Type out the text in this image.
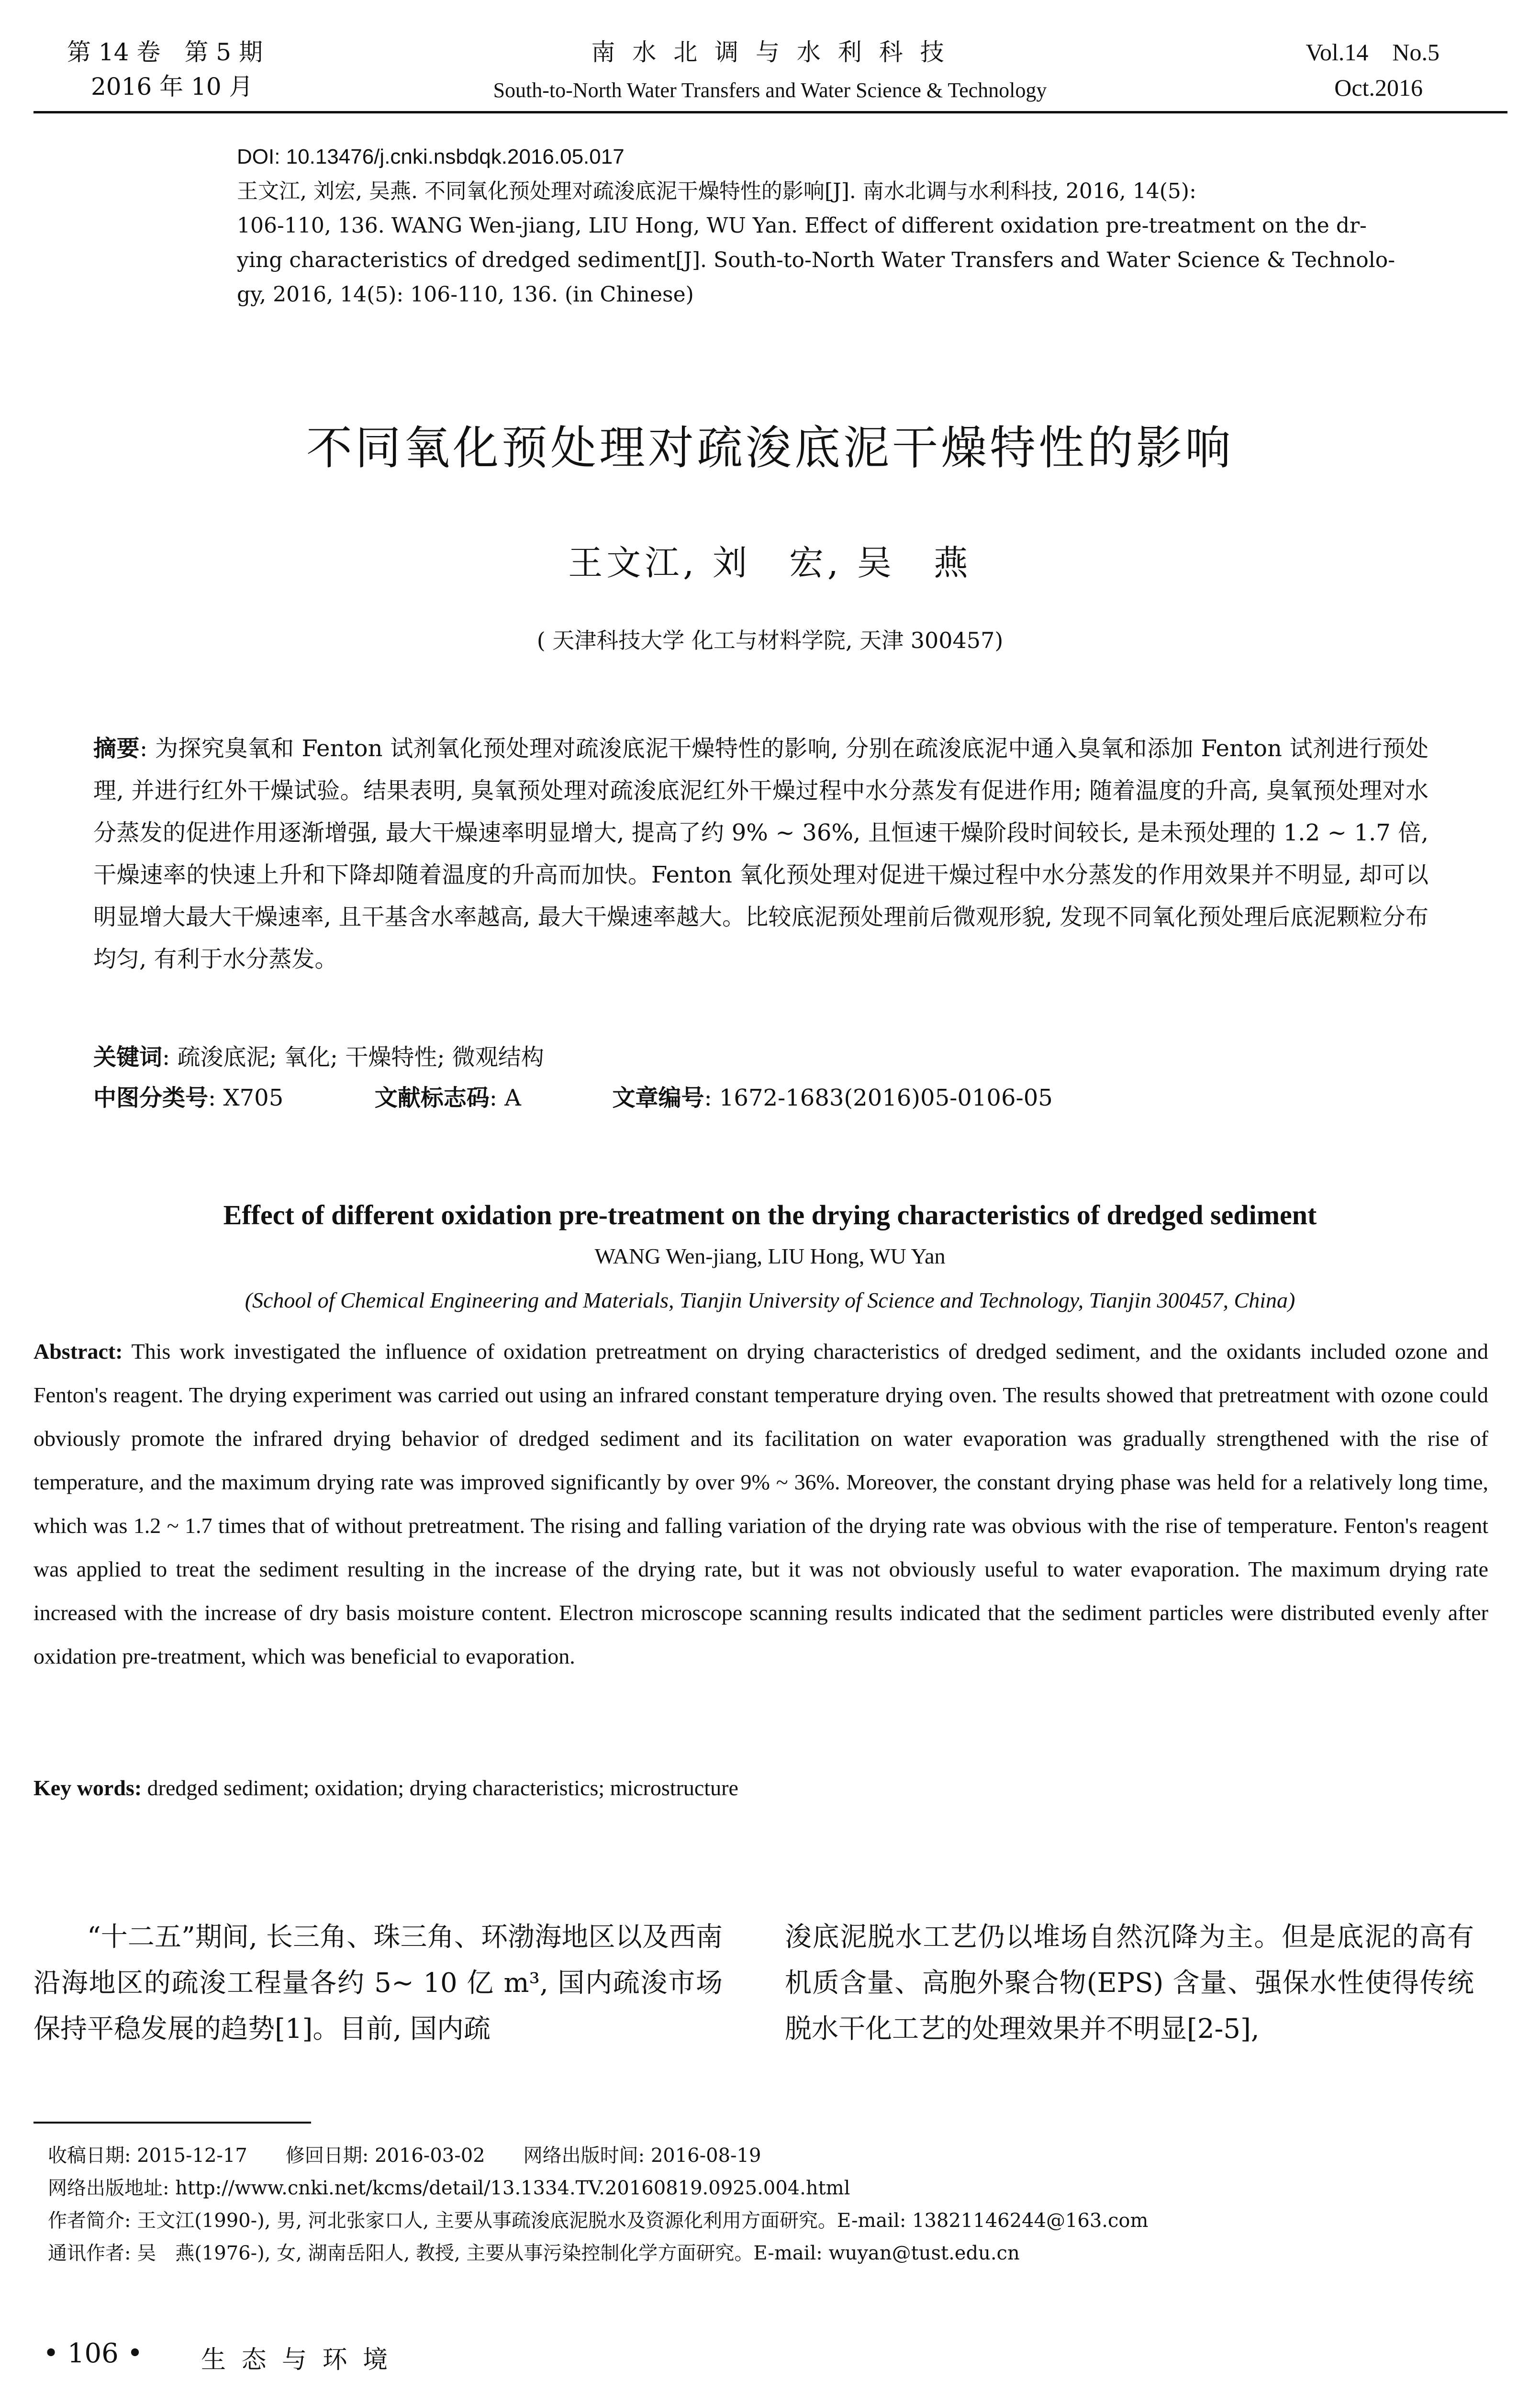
第 14 卷　第 5 期
2016 年 10 月
南 水 北 调 与 水 利 科 技
South-to-North Water Transfers and Water Science & Technology
Vol.14　No.5
Oct.2016
DOI: 10.13476/j.cnki.nsbdqk.2016.05.017
王文江, 刘宏, 吴燕. 不同氧化预处理对疏浚底泥干燥特性的影响[J]. 南水北调与水利科技, 2016, 14(5):
106-110, 136. WANG Wen-jiang, LIU Hong, WU Yan. Effect of different oxidation pre-treatment on the dr-
ying characteristics of dredged sediment[J]. South-to-North Water Transfers and Water Science & Technolo-
gy, 2016, 14(5): 106-110, 136. (in Chinese)
不同氧化预处理对疏浚底泥干燥特性的影响
王文江, 刘　宏, 吴　燕
( 天津科技大学 化工与材料学院, 天津 300457)
摘要: 为探究臭氧和 Fenton 试剂氧化预处理对疏浚底泥干燥特性的影响, 分别在疏浚底泥中通入臭氧和添加 Fenton 试剂进行预处理, 并进行红外干燥试验。结果表明, 臭氧预处理对疏浚底泥红外干燥过程中水分蒸发有促进作用; 随着温度的升高, 臭氧预处理对水分蒸发的促进作用逐渐增强, 最大干燥速率明显增大, 提高了约 9% ~ 36%, 且恒速干燥阶段时间较长, 是未预处理的 1.2 ~ 1.7 倍, 干燥速率的快速上升和下降却随着温度的升高而加快。Fenton 氧化预处理对促进干燥过程中水分蒸发的作用效果并不明显, 却可以明显增大最大干燥速率, 且干基含水率越高, 最大干燥速率越大。比较底泥预处理前后微观形貌, 发现不同氧化预处理后底泥颗粒分布均匀, 有利于水分蒸发。
关键词: 疏浚底泥; 氧化; 干燥特性; 微观结构
中图分类号: X705	文献标志码: A	文章编号: 1672-1683(2016)05-0106-05
Effect of different oxidation pre-treatment on the drying characteristics of dredged sediment
WANG Wen-jiang, LIU Hong, WU Yan
(School of Chemical Engineering and Materials, Tianjin University of Science and Technology, Tianjin 300457, China)
Abstract: This work investigated the influence of oxidation pretreatment on drying characteristics of dredged sediment, and the oxidants included ozone and Fenton's reagent. The drying experiment was carried out using an infrared constant temperature drying oven. The results showed that pretreatment with ozone could obviously promote the infrared drying behavior of dredged sediment and its facilitation on water evaporation was gradually strengthened with the rise of temperature, and the maximum drying rate was improved significantly by over 9% ~ 36%. Moreover, the constant drying phase was held for a relatively long time, which was 1.2 ~ 1.7 times that of without pretreatment. The rising and falling variation of the drying rate was obvious with the rise of temperature. Fenton's reagent was applied to treat the sediment resulting in the increase of the drying rate, but it was not obviously useful to water evaporation. The maximum drying rate increased with the increase of dry basis moisture content. Electron microscope scanning results indicated that the sediment particles were distributed evenly after oxidation pre-treatment, which was beneficial to evaporation.
Key words: dredged sediment; oxidation; drying characteristics; microstructure
“十二五”期间, 长三角、珠三角、环渤海地区以及西南沿海地区的疏浚工程量各约 5~ 10 亿 m³, 国内疏浚市场保持平稳发展的趋势[1]。目前, 国内疏
浚底泥脱水工艺仍以堆场自然沉降为主。但是底泥的高有机质含量、高胞外聚合物(EPS) 含量、强保水性使得传统脱水干化工艺的处理效果并不明显[2-5],
收稿日期: 2015-12-17　　修回日期: 2016-03-02　　网络出版时间: 2016-08-19
网络出版地址: http://www.cnki.net/kcms/detail/13.1334.TV.20160819.0925.004.html
作者简介: 王文江(1990-), 男, 河北张家口人, 主要从事疏浚底泥脱水及资源化利用方面研究。E-mail: 13821146244@163.com
通讯作者: 吴　燕(1976-), 女, 湖南岳阳人, 教授, 主要从事污染控制化学方面研究。E-mail: wuyan@tust.edu.cn
• 106 • 生 态 与 环 境
